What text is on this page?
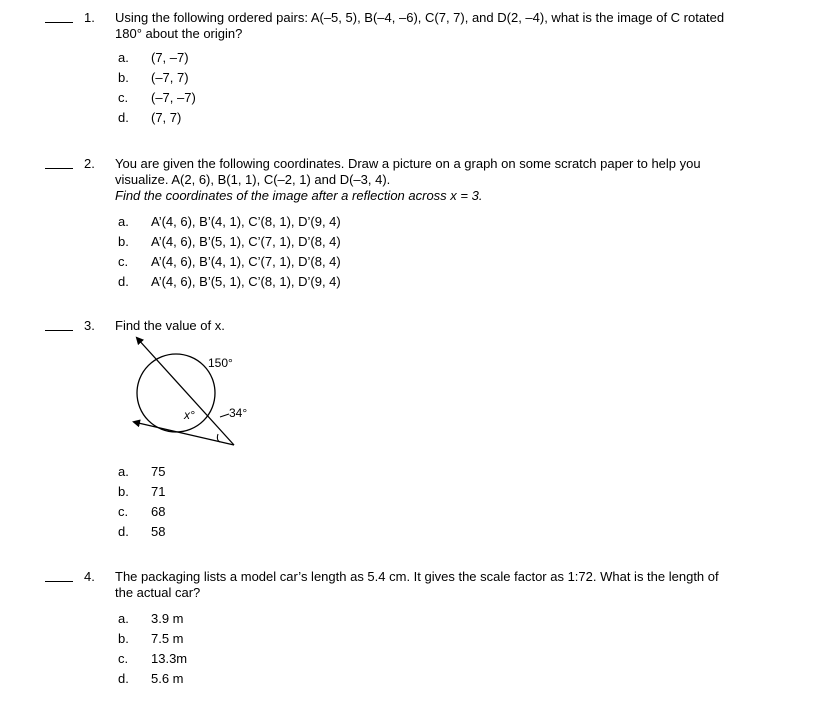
1. Using the following ordered pairs: A(–5, 5), B(–4, –6), C(7, 7), and D(2, –4), what is the image of C rotated
180° about the origin?
a.	(7, –7)
b.	(–7, 7)
c.	(–7, –7)
d.	(7, 7)
2. You are given the following coordinates. Draw a picture on a graph on some scratch paper to help you
visualize. A(2, 6), B(1, 1), C(–2, 1) and D(–3, 4).
Find the coordinates of the image after a reflection across x = 3.
a.	A’(4, 6), B’(4, 1), C’(8, 1), D’(9, 4)
b.	A’(4, 6), B’(5, 1), C’(7, 1), D’(8, 4)
c.	A’(4, 6), B’(4, 1), C’(7, 1), D’(8, 4)
d.	A’(4, 6), B’(5, 1), C’(8, 1), D’(9, 4)
3. Find the value of x.
150°
34°
x°
a.	75
b.	71
c.	68
d.	58
4. The packaging lists a model car’s length as 5.4 cm. It gives the scale factor as 1:72. What is the length of
the actual car?
a.	3.9 m
b.	7.5 m
c.	13.3m
d.	5.6 m
